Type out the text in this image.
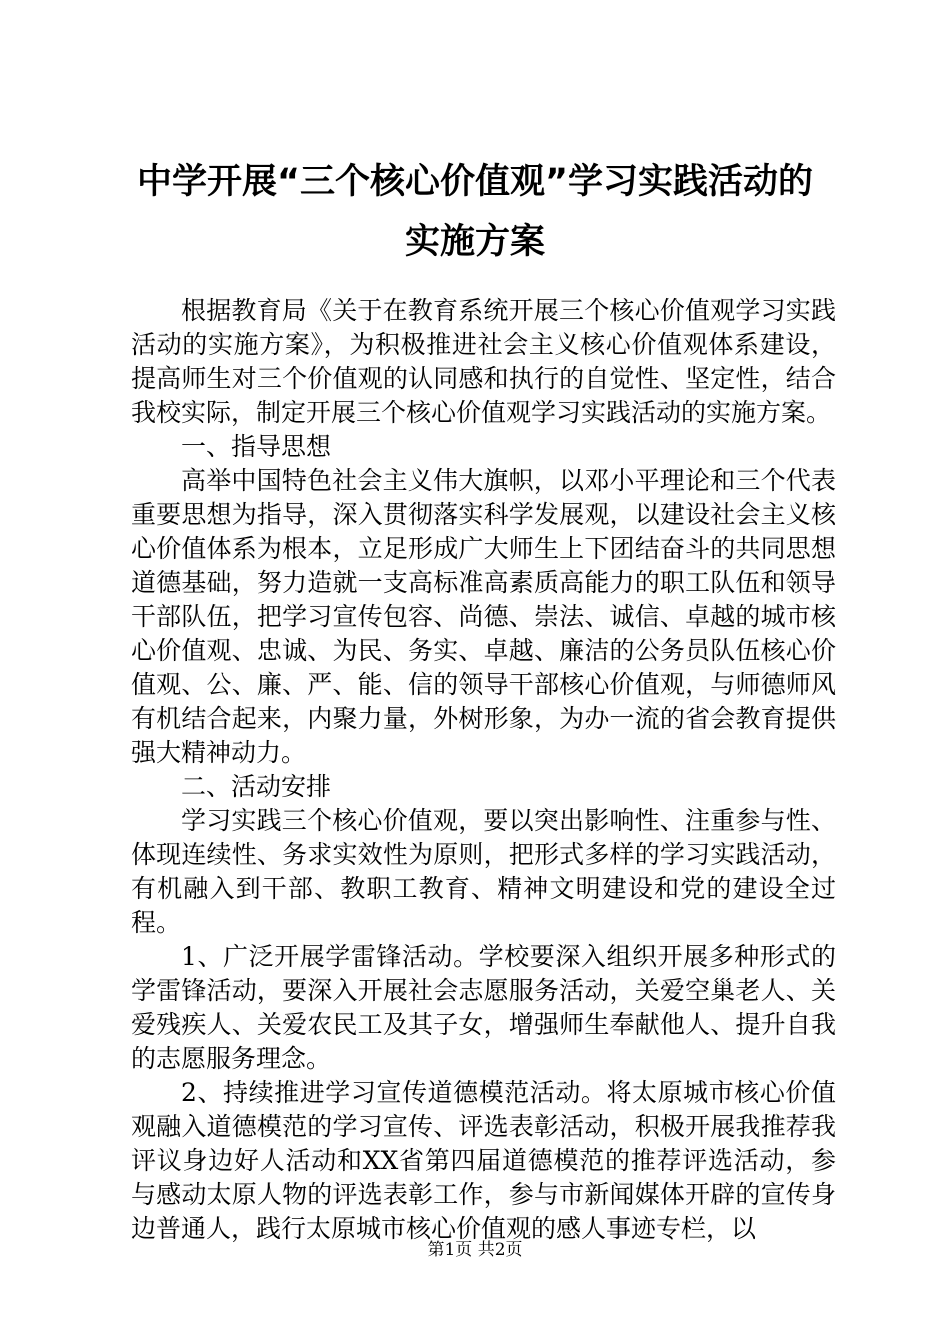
中学开展“三个核心价值观”学习实践活动的
实施方案

根据教育局《关于在教育系统开展三个核心价值观学习实践活动的实施方案》，为积极推进社会主义核心价值观体系建设，提高师生对三个价值观的认同感和执行的自觉性、坚定性，结合我校实际，制定开展三个核心价值观学习实践活动的实施方案。

一、指导思想

高举中国特色社会主义伟大旗帜，以邓小平理论和三个代表重要思想为指导，深入贯彻落实科学发展观，以建设社会主义核心价值体系为根本，立足形成广大师生上下团结奋斗的共同思想道德基础，努力造就一支高标准高素质高能力的职工队伍和领导干部队伍，把学习宣传包容、尚德、崇法、诚信、卓越的城市核心价值观、忠诚、为民、务实、卓越、廉洁的公务员队伍核心价值观、公、廉、严、能、信的领导干部核心价值观，与师德师风有机结合起来，内聚力量，外树形象，为办一流的省会教育提供强大精神动力。

二、活动安排

学习实践三个核心价值观，要以突出影响性、注重参与性、体现连续性、务求实效性为原则，把形式多样的学习实践活动，有机融入到干部、教职工教育、精神文明建设和党的建设全过程。

1、广泛开展学雷锋活动。学校要深入组织开展多种形式的学雷锋活动，要深入开展社会志愿服务活动，关爱空巢老人、关爱残疾人、关爱农民工及其子女，增强师生奉献他人、提升自我的志愿服务理念。

2、持续推进学习宣传道德模范活动。将太原城市核心价值观融入道德模范的学习宣传、评选表彰活动，积极开展我推荐我评议身边好人活动和XX省第四届道德模范的推荐评选活动，参与感动太原人物的评选表彰工作，参与市新闻媒体开辟的宣传身边普通人，践行太原城市核心价值观的感人事迹专栏，以

第1页 共2页
